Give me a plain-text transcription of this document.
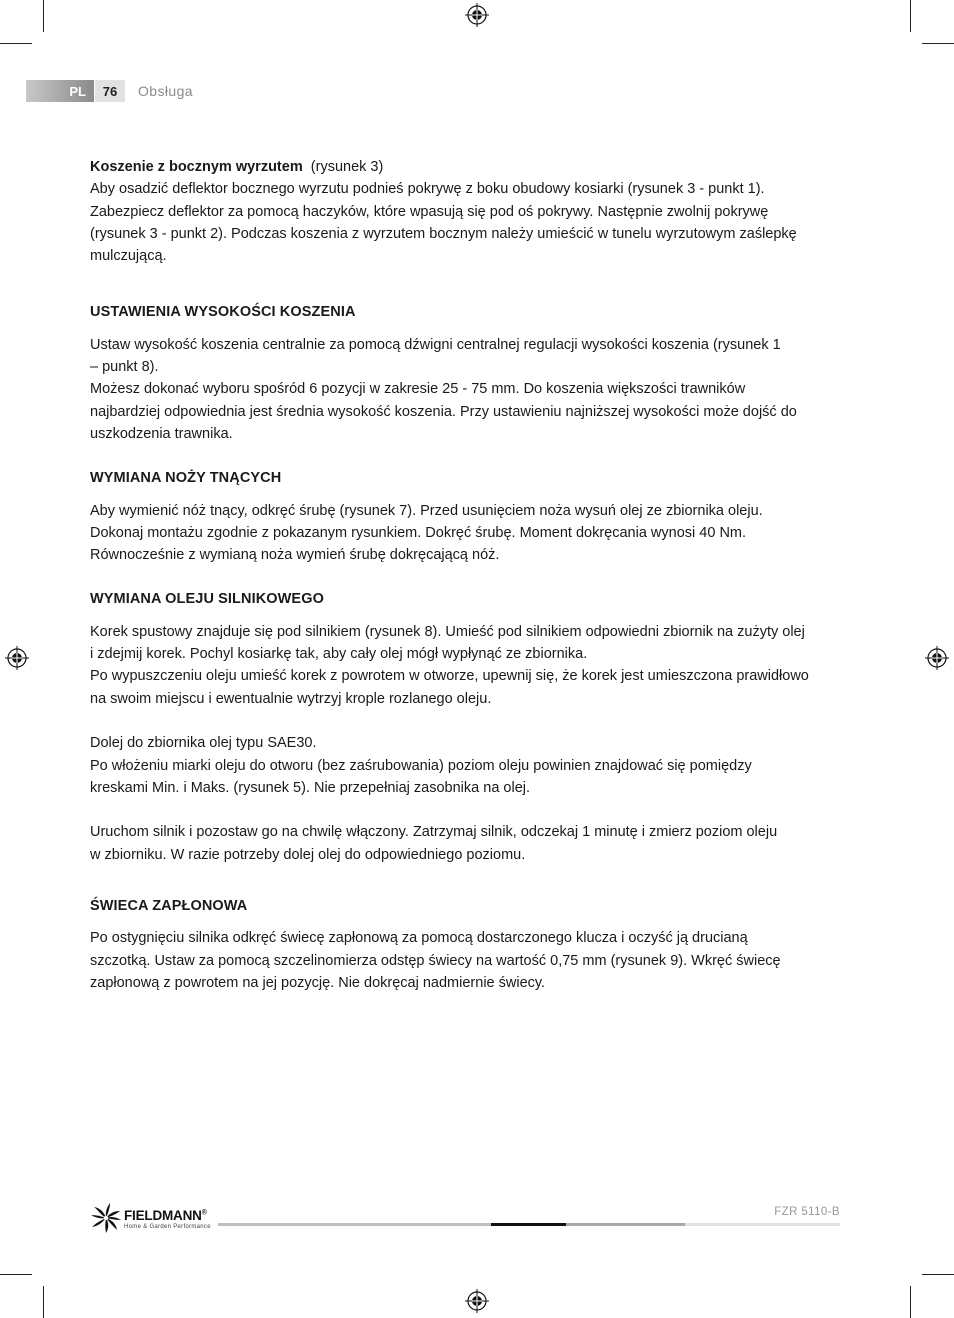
PL	76	Obsługa

Koszenie z bocznym wyrzutem (rysunek 3)

Aby osadzić deflektor bocznego wyrzutu podnieś pokrywę z boku obudowy kosiarki (rysunek 3 - punkt 1).

Zabezpiecz deflektor za pomocą haczyków, które wpasują się pod oś pokrywy. Następnie zwolnij pokrywę

(rysunek 3 - punkt 2). Podczas koszenia z wyrzutem bocznym należy umieścić w tunelu wyrzutowym zaślepkę

mulczującą.

USTAWIENIA WYSOKOŚCI KOSZENIA

Ustaw wysokość koszenia centralnie za pomocą dźwigni centralnej regulacji wysokości koszenia (rysunek 1

– punkt 8).

Możesz dokonać wyboru spośród 6 pozycji w zakresie 25 - 75 mm. Do koszenia większości trawników

najbardziej odpowiednia jest średnia wysokość koszenia. Przy ustawieniu najniższej wysokości może dojść do

uszkodzenia trawnika.

WYMIANA NOŻY TNĄCYCH

Aby wymienić nóż tnący, odkręć śrubę (rysunek 7). Przed usunięciem noża wysuń olej ze zbiornika oleju.

Dokonaj montażu zgodnie z pokazanym rysunkiem. Dokręć śrubę. Moment dokręcania wynosi 40 Nm.

Równocześnie z wymianą noża wymień śrubę dokręcającą nóż.

WYMIANA OLEJU SILNIKOWEGO

Korek spustowy znajduje się pod silnikiem (rysunek 8). Umieść pod silnikiem odpowiedni zbiornik na zużyty olej

i zdejmij korek. Pochyl kosiarkę tak, aby cały olej mógł wypłynąć ze zbiornika.

Po wypuszczeniu oleju umieść korek z powrotem w otworze, upewnij się, że korek jest umieszczona prawidłowo

na swoim miejscu i ewentualnie wytrzyj krople rozlanego oleju.

Dolej do zbiornika olej typu SAE30.

Po włożeniu miarki oleju do otworu (bez zaśrubowania) poziom oleju powinien znajdować się pomiędzy

kreskami Min. i Maks. (rysunek 5). Nie przepełniaj zasobnika na olej.

Uruchom silnik i pozostaw go na chwilę włączony. Zatrzymaj silnik, odczekaj 1 minutę i zmierz poziom oleju

w zbiorniku. W razie potrzeby dolej olej do odpowiedniego poziomu.

ŚWIECA ZAPŁONOWA

Po ostygnięciu silnika odkręć świecę zapłonową za pomocą dostarczonego klucza i oczyść ją drucianą

szczotką. Ustaw za pomocą szczelinomierza odstęp świecy na wartość 0,75 mm (rysunek 9). Wkręć świecę

zapłonową z powrotem na jej pozycję. Nie dokręcaj nadmiernie świecy.

FIELDMANN®
Home & Garden Performance
FZR 5110-B
